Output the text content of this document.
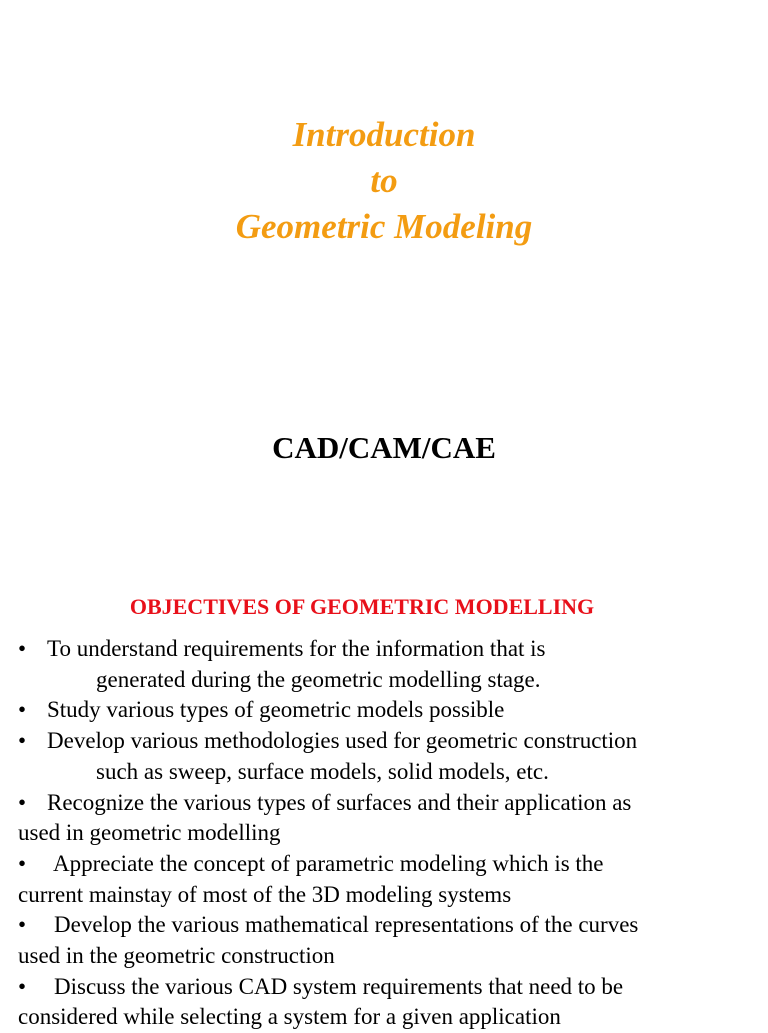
Introduction
to
Geometric Modeling
CAD/CAM/CAE
OBJECTIVES OF GEOMETRIC MODELLING
• To understand requirements for the information that is
generated during the geometric modelling stage.
• Study various types of geometric models possible
• Develop various methodologies used for geometric construction
such as sweep, surface models, solid models, etc.
• Recognize the various types of surfaces and their application as
used in geometric modelling
• Appreciate the concept of parametric modeling which is the
current mainstay of most of the 3D modeling systems
• Develop the various mathematical representations of the curves
used in the geometric construction
• Discuss the various CAD system requirements that need to be
considered while selecting a system for a given application
